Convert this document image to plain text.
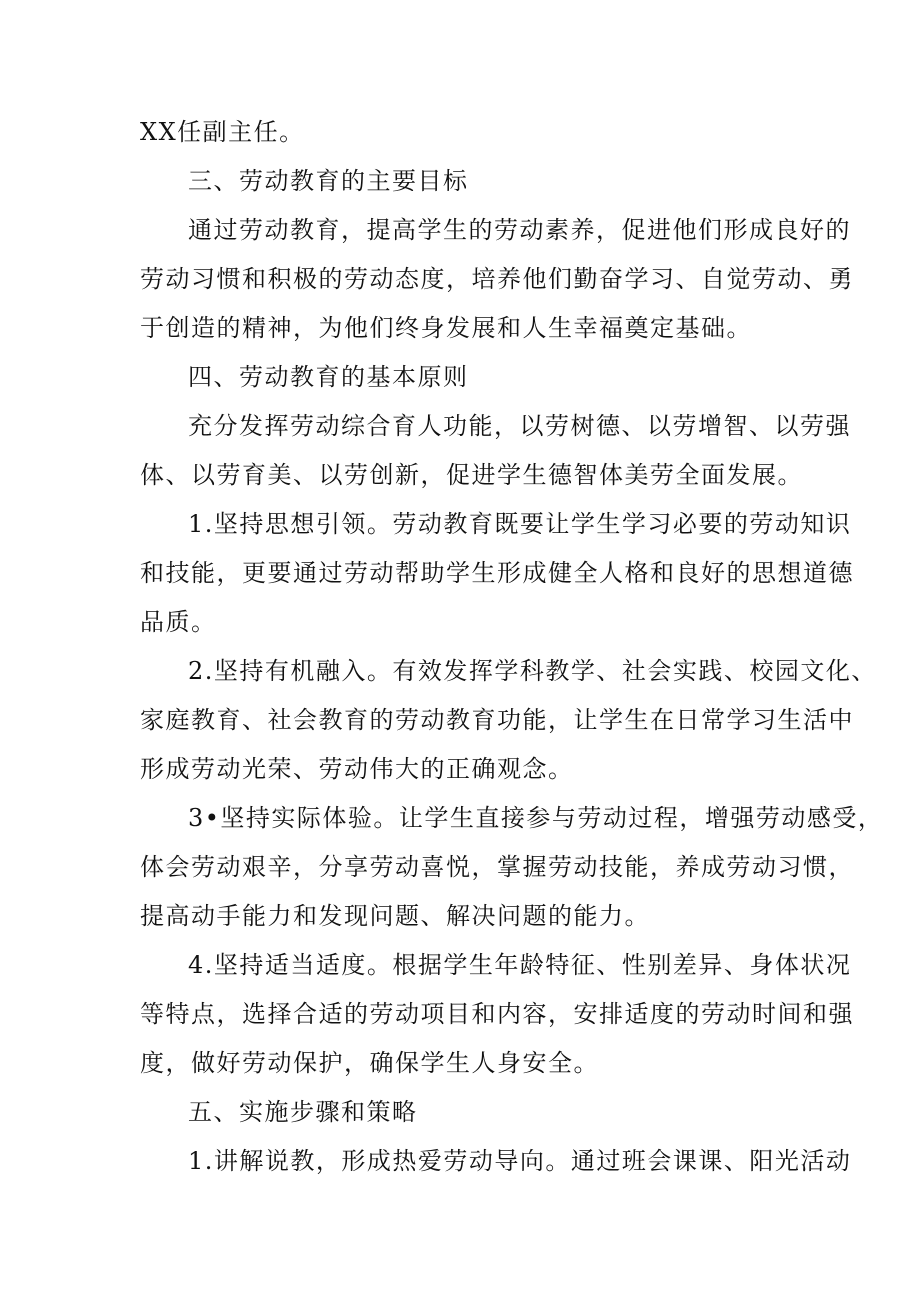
XX任副主任。
三、劳动教育的主要目标
通过劳动教育，提高学生的劳动素养，促进他们形成良好的
劳动习惯和积极的劳动态度，培养他们勤奋学习、自觉劳动、勇
于创造的精神，为他们终身发展和人生幸福奠定基础。
四、劳动教育的基本原则
充分发挥劳动综合育人功能，以劳树德、以劳增智、以劳强
体、以劳育美、以劳创新，促进学生德智体美劳全面发展。
1.坚持思想引领。劳动教育既要让学生学习必要的劳动知识
和技能，更要通过劳动帮助学生形成健全人格和良好的思想道德
品质。
2.坚持有机融入。有效发挥学科教学、社会实践、校园文化、
家庭教育、社会教育的劳动教育功能，让学生在日常学习生活中
形成劳动光荣、劳动伟大的正确观念。
3•坚持实际体验。让学生直接参与劳动过程，增强劳动感受，
体会劳动艰辛，分享劳动喜悦，掌握劳动技能，养成劳动习惯，
提高动手能力和发现问题、解决问题的能力。
4.坚持适当适度。根据学生年龄特征、性别差异、身体状况
等特点，选择合适的劳动项目和内容，安排适度的劳动时间和强
度，做好劳动保护，确保学生人身安全。
五、实施步骤和策略
1.讲解说教，形成热爱劳动导向。通过班会课课、阳光活动
